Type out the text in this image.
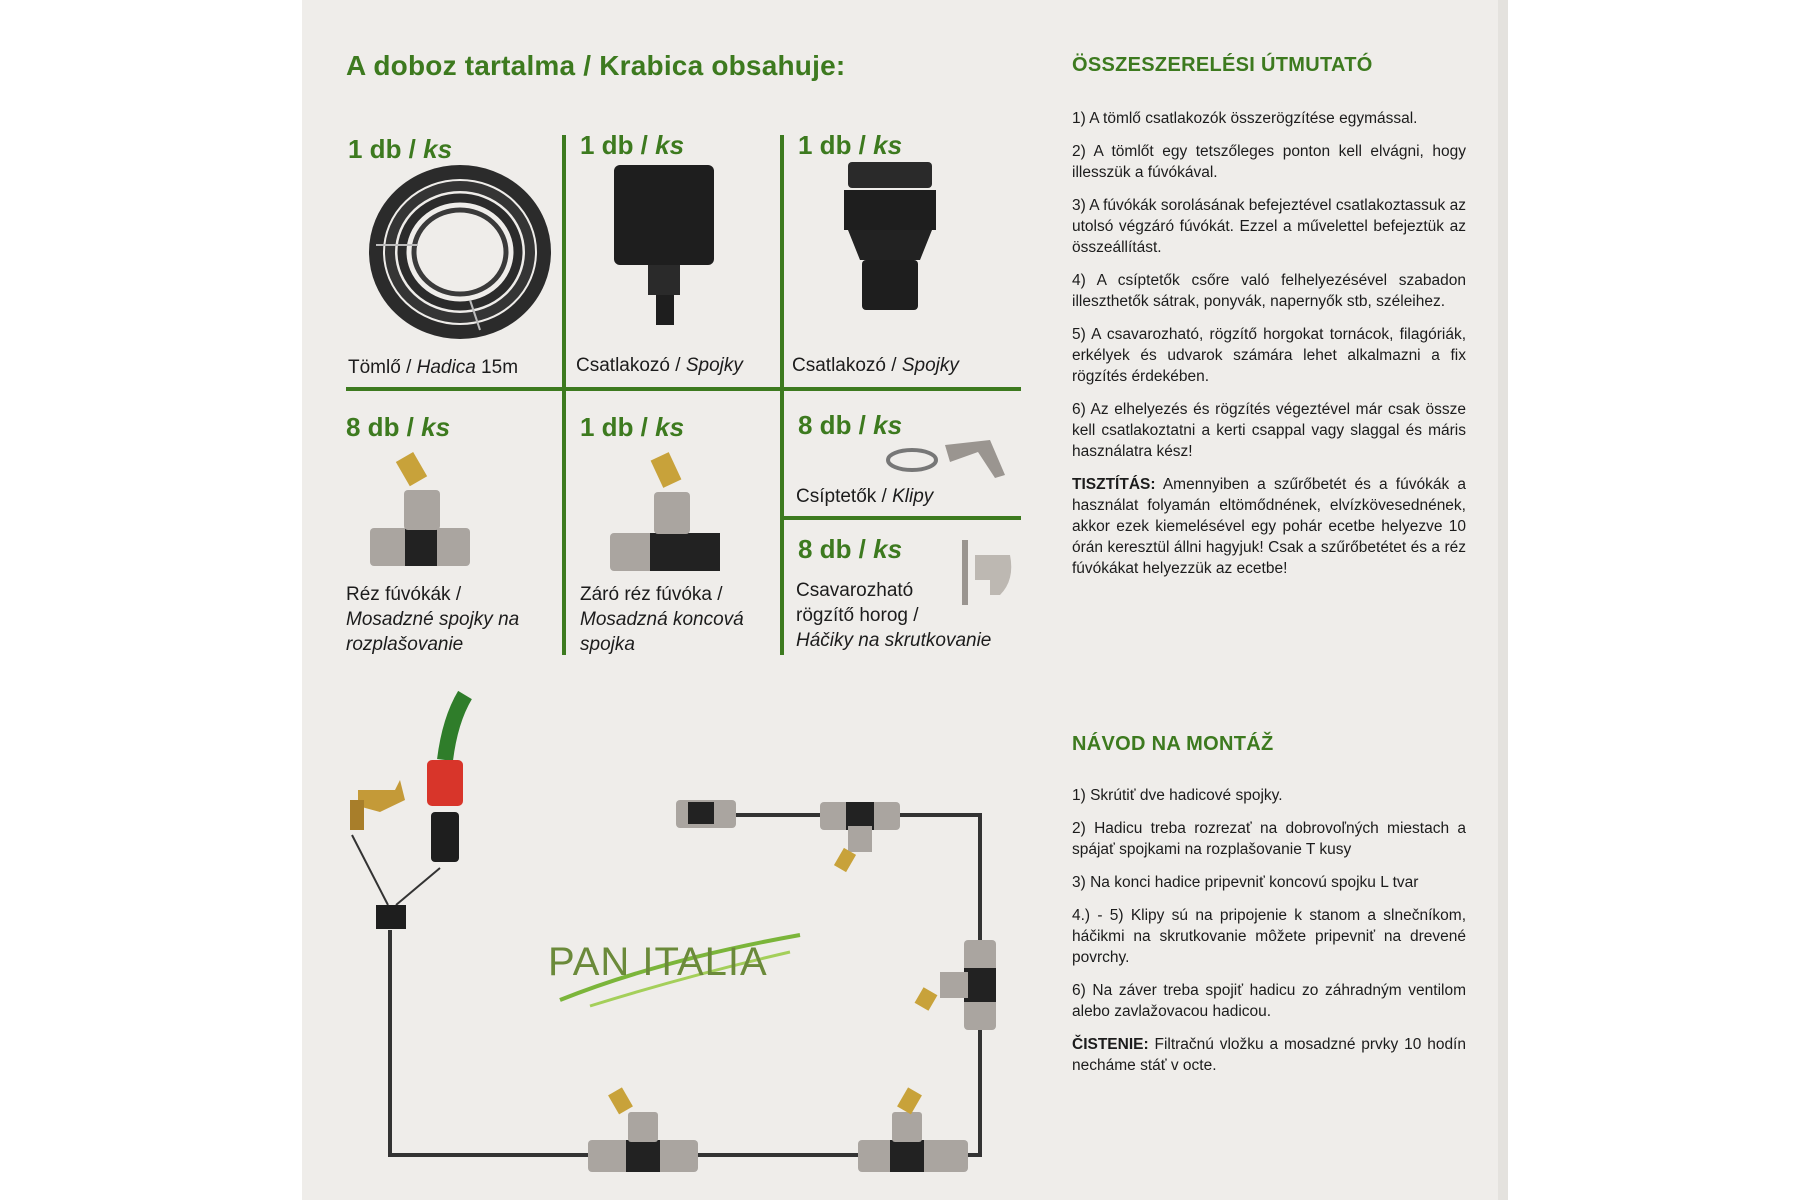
A doboz tartalma / Krabica obsahuje:
1 db / ks	1 db / ks	1 db / ks
8 db / ks	1 db / ks	8 db / ks
8 db / ks
Tömlő / Hadica 15m	Csatlakozó / Spojky	Csatlakozó / Spojky
Réz fúvókák /
Mosadzné spojky na
rozplašovanie
Záró réz fúvóka /
Mosadzná koncová
spojka
Csíptetők / Klipy
Csavarozható
rögzítő horog /
Háčiky na skrutkovanie
PAN ITALIA
ÖSSZESZERELÉSI ÚTMUTATÓ

1) A tömlő csatlakozók összerögzítése egymással.

2) A tömlőt egy tetszőleges ponton kell elvágni, hogy illesszük a fúvókával.

3) A fúvókák sorolásának befejeztével csatlakoztassuk az utolsó végzáró fúvókát. Ezzel a művelettel befejeztük az összeállítást.

4) A csíptetők csőre való felhelyezésével szabadon illeszthetők sátrak, ponyvák, napernyők stb, széleihez.

5) A csavarozható, rögzítő horgokat tornácok, filagóriák, erkélyek és udvarok számára lehet alkalmazni a fix rögzítés érdekében.

6) Az elhelyezés és rögzítés végeztével már csak össze kell csatlakoztatni a kerti csappal vagy slaggal és máris használatra kész!

TISZTÍTÁS: Amennyiben a szűrőbetét és a fúvókák a használat folyamán eltömődnének, elvízkövesednének, akkor ezek kiemelésével egy pohár ecetbe helyezve 10 órán keresztül állni hagyjuk! Csak a szűrőbetétet és a réz fúvókákat helyezzük az ecetbe!

NÁVOD NA MONTÁŽ

1) Skrútiť dve hadicové spojky.

2) Hadicu treba rozrezať na dobrovoľných miestach a spájať spojkami na rozplašovanie T kusy

3) Na konci hadice pripevniť koncovú spojku L tvar

4.) - 5) Klipy sú na pripojenie k stanom a slnečníkom, háčikmi na skrutkovanie môžete pripevniť na drevené povrchy.

6) Na záver treba spojiť hadicu zo záhradným ventilom alebo zavlažovacou hadicou.

ČISTENIE: Filtračnú vložku a mosadzné prvky 10 hodín necháme stáť v octe.
